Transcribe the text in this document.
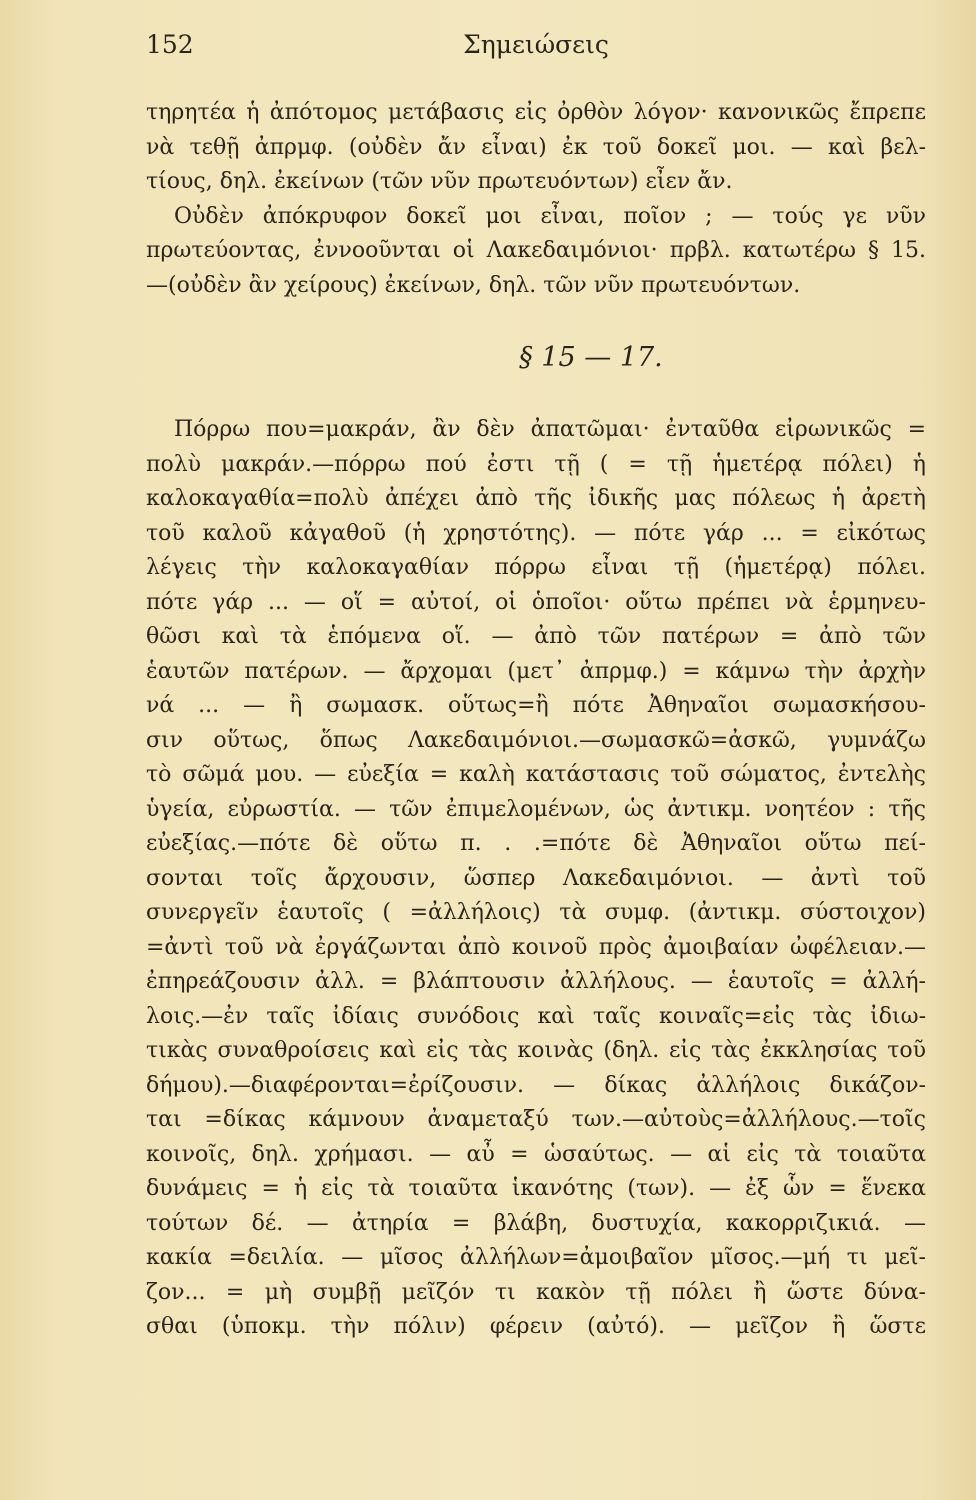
152	Σημειώσεις
τηρητέα ἡ ἀπότομος μετάβασις εἰς ὀρθὸν λόγον· κανονικῶς ἔπρεπε
νὰ τεθῇ ἀπρμφ. (οὐδὲν ἄν εἶναι) ἐκ τοῦ δοκεῖ μοι. — καὶ βελ-
τίους, δηλ. ἐκείνων (τῶν νῦν πρωτευόντων) εἶεν ἄν.
Οὐδὲν ἀπόκρυφον δοκεῖ μοι εἶναι, ποῖον ; — τούς γε νῦν
πρωτεύοντας, ἐννοοῦνται οἱ Λακεδαιμόνιοι· πρβλ. κατωτέρω § 15.
—(οὐδὲν ἂν χείρους) ἐκείνων, δηλ. τῶν νῦν πρωτευόντων.
§ 15 — 17.
Πόρρω που=μακράν, ἂν δὲν ἀπατῶμαι· ἐνταῦθα εἰρωνικῶς =
πολὺ μακράν.—πόρρω πού ἐστι τῇ ( = τῇ ἡμετέρᾳ πόλει) ἡ
καλοκαγαθία=πολὺ ἀπέχει ἀπὸ τῆς ἰδικῆς μας πόλεως ἡ ἀρετὴ
τοῦ καλοῦ κἀγαθοῦ (ἡ χρηστότης). — πότε γάρ ... = εἰκότως
λέγεις τὴν καλοκαγαθίαν πόρρω εἶναι τῇ (ἡμετέρᾳ) πόλει.
πότε γάρ ... — οἵ = αὐτοί, οἱ ὁποῖοι· οὕτω πρέπει νὰ ἑρμηνευ-
θῶσι καὶ τὰ ἑπόμενα οἵ. — ἀπὸ τῶν πατέρων = ἀπὸ τῶν
ἑαυτῶν πατέρων. — ἄρχομαι (μετ᾽ ἀπρμφ.) = κάμνω τὴν ἀρχὴν
νά ... — ἢ σωμασκ. οὕτως=ἢ πότε Ἀθηναῖοι σωμασκήσου-
σιν οὕτως, ὅπως Λακεδαιμόνιοι.—σωμασκῶ=ἀσκῶ, γυμνάζω
τὸ σῶμά μου. — εὐεξία = καλὴ κατάστασις τοῦ σώματος, ἐντελὴς
ὑγεία, εὐρωστία. — τῶν ἐπιμελομένων, ὡς ἀντικμ. νοητέον : τῆς
εὐεξίας.—πότε δὲ οὕτω π. . .=πότε δὲ Ἀθηναῖοι οὕτω πεί-
σονται τοῖς ἄρχουσιν, ὥσπερ Λακεδαιμόνιοι. — ἀντὶ τοῦ
συνεργεῖν ἑαυτοῖς ( =ἀλλήλοις) τὰ συμφ. (ἀντικμ. σύστοιχον)
=ἀντὶ τοῦ νὰ ἐργάζωνται ἀπὸ κοινοῦ πρὸς ἀμοιβαίαν ὠφέλειαν.—
ἐπηρεάζουσιν ἀλλ. = βλάπτουσιν ἀλλήλους. — ἑαυτοῖς = ἀλλή-
λοις.—ἐν ταῖς ἰδίαις συνόδοις καὶ ταῖς κοιναῖς=εἰς τὰς ἰδιω-
τικὰς συναθροίσεις καὶ εἰς τὰς κοινὰς (δηλ. εἰς τὰς ἐκκλησίας τοῦ
δήμου).—διαφέρονται=ἐρίζουσιν. — δίκας ἀλλήλοις δικάζον-
ται =δίκας κάμνουν ἀναμεταξύ των.—αὐτοὺς=ἀλλήλους.—τοῖς
κοινοῖς, δηλ. χρήμασι. — αὖ = ὡσαύτως. — αἱ εἰς τὰ τοιαῦτα
δυνάμεις = ἡ εἰς τὰ τοιαῦτα ἱκανότης (των). — ἐξ ὧν = ἕνεκα
τούτων δέ. — ἀτηρία = βλάβη, δυστυχία, κακορριζικιά. —
κακία =δειλία. — μῖσος ἀλλήλων=ἀμοιβαῖον μῖσος.—μή τι μεῖ-
ζον... = μὴ συμβῇ μεῖζόν τι κακὸν τῇ πόλει ἢ ὥστε δύνα-
σθαι (ὑποκμ. τὴν πόλιν) φέρειν (αὐτό). — μεῖζον ἢ ὥστε
